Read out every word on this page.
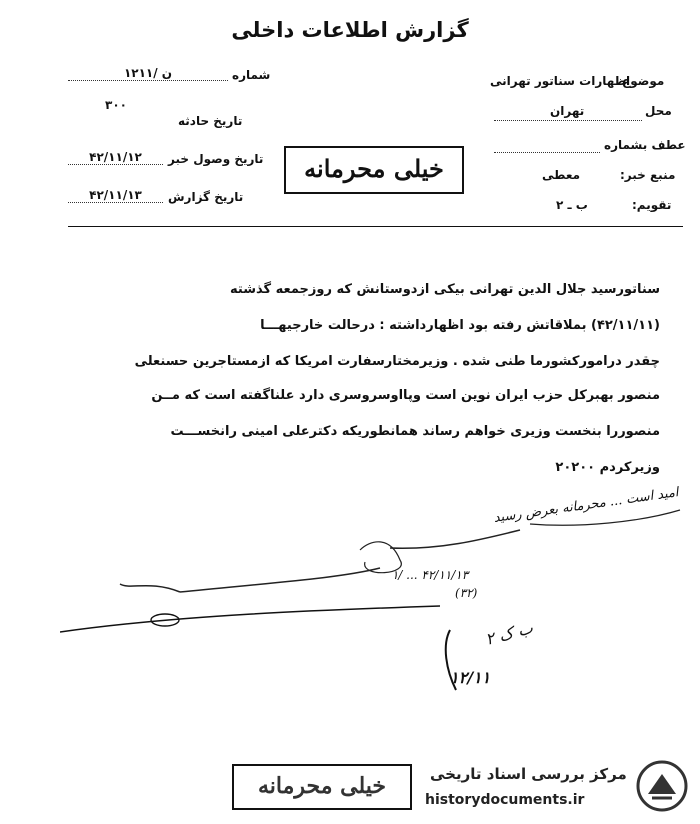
گزارش اطلاعات داخلی
شماره
۱۲۱۱/ ن
۳۰۰
تاریخ حادثه
تاریخ وصول خبر
۴۲/۱۱/۱۲
تاریخ گزارش
۴۲/۱۱/۱۳
خیلی محرمانه
موضوع
اظهارات سناتور تهرانی
محل
تهران
عطف بشماره
منبع خبر:
معطی
تقویم:
ب ـ ۲
سناتورسید جلال الدین تهرانی بیکی ازدوستانش که روزجمعه گذشته
(۴۲/۱۱/۱۱) بملاقاتش رفته بود اظهارداشته : درحالت خارجیهـــا
چقدر درامورکشورما طنی شده . وزیرمختارسفارت امریکا که ازمستاجرین حسنعلی
منصور بهبرکل حزب ایران نوین است وپااوسروسری دارد علناگفته است که مــن
منصوررا بنخست وزیری خواهم رساند همانطوریکه دکترعلی امینی رانخســـت
وزیرکردم ۲۰۲۰۰
امید است ... محرمانه بعرض رسید
۱/ ... ۴۲/۱۱/۱۳
(۳۲)
ب ک ۲
۱۲/۱۱
خیلی محرمانه	مرکز بررسی اسناد تاریخی
historydocuments.ir
